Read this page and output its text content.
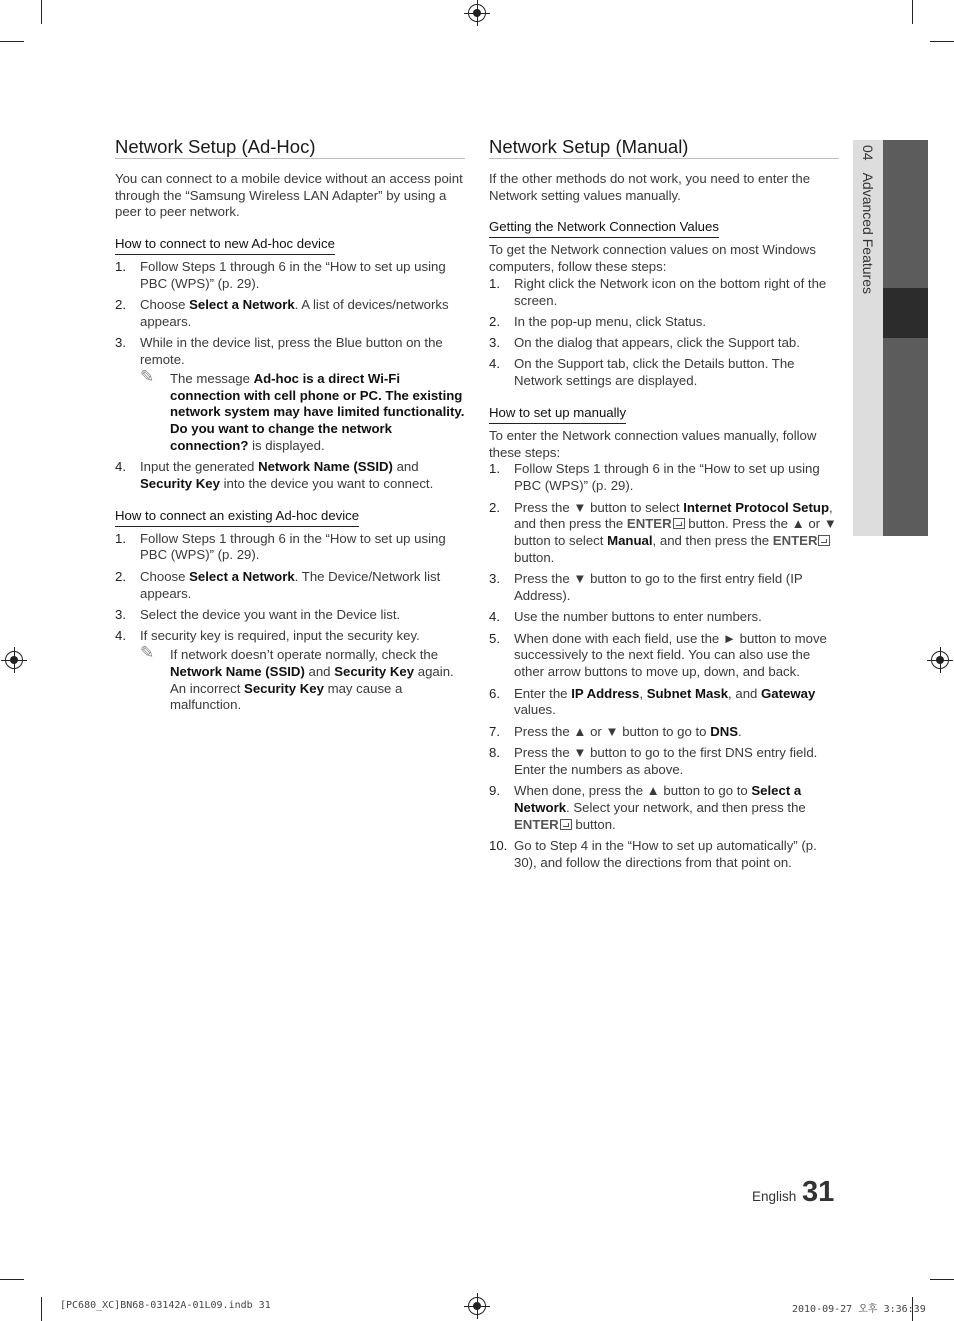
04Advanced Features
Network Setup (Ad-Hoc)

You can connect to a mobile device without an access point through the “Samsung Wireless LAN Adapter” by using a peer to peer network.

How to connect to new Ad-hoc device
1. Follow Steps 1 through 6 in the “How to set up using PBC (WPS)” (p. 29).
2. Choose Select a Network. A list of devices/networks appears.
3. While in the device list, press the Blue button on the remote.
✎ The message Ad-hoc is a direct Wi-Fi connection with cell phone or PC. The existing network system may have limited functionality. Do you want to change the network connection? is displayed.
4. Input the generated Network Name (SSID) and Security Key into the device you want to connect.
How to connect an existing Ad-hoc device
1. Follow Steps 1 through 6 in the “How to set up using PBC (WPS)” (p. 29).
2. Choose Select a Network. The Device/Network list appears.
3. Select the device you want in the Device list.
4. If security key is required, input the security key.
✎ If network doesn’t operate normally, check the Network Name (SSID) and Security Key again. An incorrect Security Key may cause a malfunction.
Network Setup (Manual)

If the other methods do not work, you need to enter the Network setting values manually.

Getting the Network Connection Values

To get the Network connection values on most Windows computers, follow these steps:

1. Right click the Network icon on the bottom right of the screen.
2. In the pop-up menu, click Status.
3. On the dialog that appears, click the Support tab.
4. On the Support tab, click the Details button. The Network settings are displayed.
How to set up manually

To enter the Network connection values manually, follow these steps:

1. Follow Steps 1 through 6 in the “How to set up using PBC (WPS)” (p. 29).
2. Press the ▼ button to select Internet Protocol Setup, and then press the ENTER button. Press the ▲ or ▼ button to select Manual, and then press the ENTER button.
3. Press the ▼ button to go to the first entry field (IP Address).
4. Use the number buttons to enter numbers.
5. When done with each field, use the ► button to move successively to the next field. You can also use the other arrow buttons to move up, down, and back.
6. Enter the IP Address, Subnet Mask, and Gateway values.
7. Press the ▲ or ▼ button to go to DNS.
8. Press the ▼ button to go to the first DNS entry field. Enter the numbers as above.
9. When done, press the ▲ button to go to Select a Network. Select your network, and then press the ENTER button.
10. Go to Step 4 in the “How to set up automatically” (p. 30), and follow the directions from that point on.
English 31
[PC680_XC]BN68-03142A-01L09.indb 31	2010-09-27 오후 3:36:39
